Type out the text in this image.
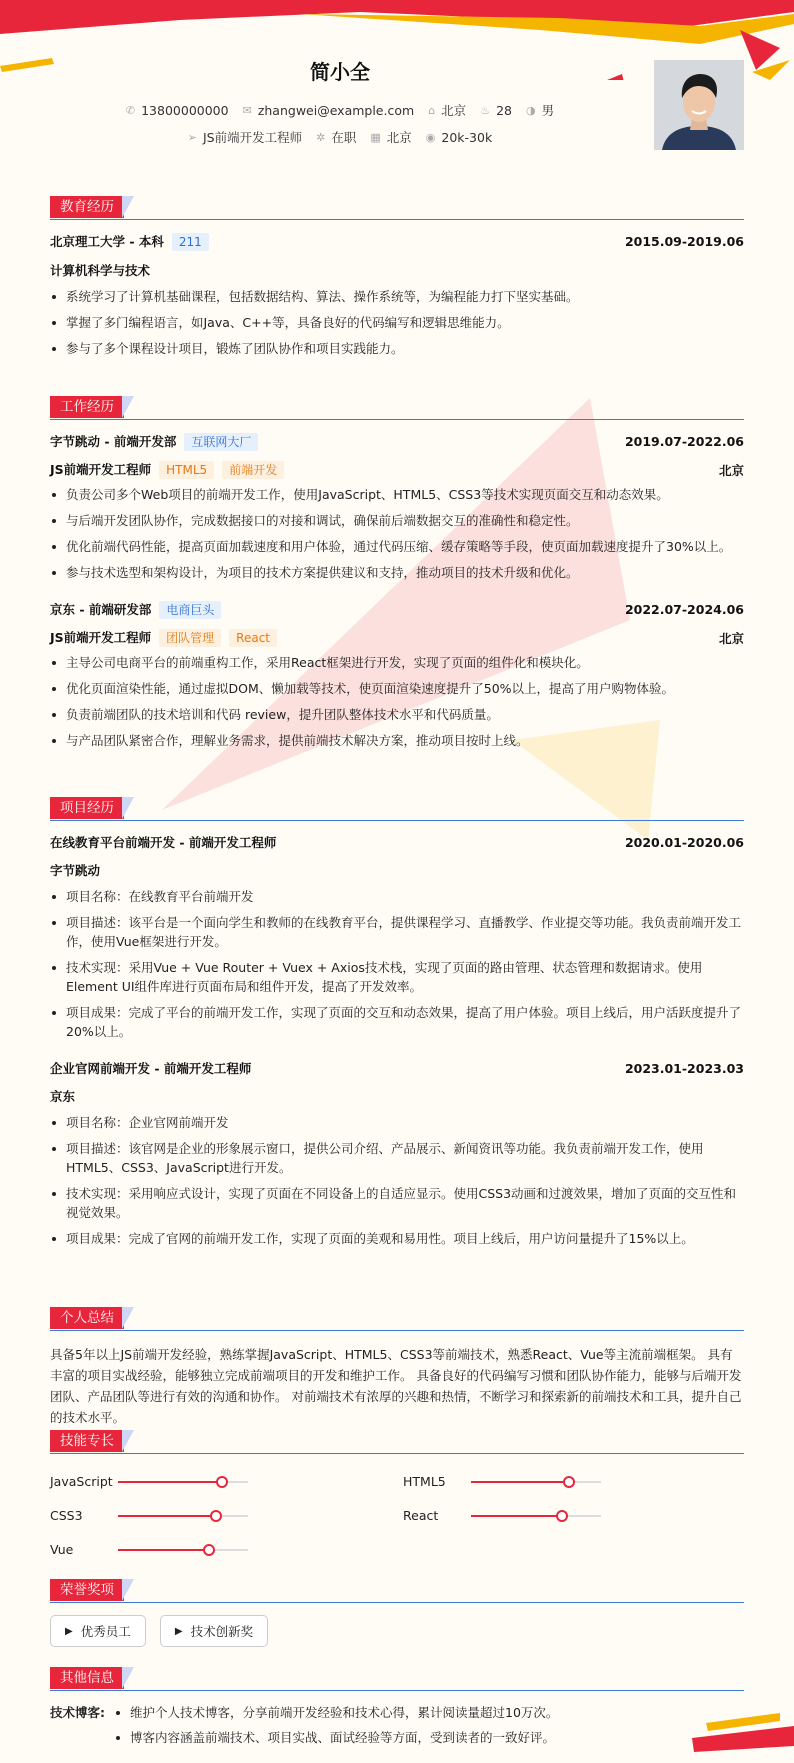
简小全
✆ 13800000000 ✉ zhangwei@example.com ⌂ 北京 ♨ 28 ◑ 男
➢ JS前端开发工程师 ✲ 在职 ▦ 北京 ◉ 20k-30k
教育经历
北京理工大学 - 本科 211	2015.09-2019.06
计算机科学与技术
系统学习了计算机基础课程，包括数据结构、算法、操作系统等，为编程能力打下坚实基础。
掌握了多门编程语言，如Java、C++等，具备良好的代码编写和逻辑思维能力。
参与了多个课程设计项目，锻炼了团队协作和项目实践能力。
工作经历
字节跳动 - 前端开发部 互联网大厂	2019.07-2022.06
JS前端开发工程师 HTML5 前端开发	北京
负责公司多个Web项目的前端开发工作，使用JavaScript、HTML5、CSS3等技术实现页面交互和动态效果。
与后端开发团队协作，完成数据接口的对接和调试，确保前后端数据交互的准确性和稳定性。
优化前端代码性能，提高页面加载速度和用户体验，通过代码压缩、缓存策略等手段，使页面加载速度提升了30%以上。
参与技术选型和架构设计，为项目的技术方案提供建议和支持，推动项目的技术升级和优化。
京东 - 前端研发部 电商巨头	2022.07-2024.06
JS前端开发工程师 团队管理 React	北京
主导公司电商平台的前端重构工作，采用React框架进行开发，实现了页面的组件化和模块化。
优化页面渲染性能，通过虚拟DOM、懒加载等技术，使页面渲染速度提升了50%以上，提高了用户购物体验。
负责前端团队的技术培训和代码 review，提升团队整体技术水平和代码质量。
与产品团队紧密合作，理解业务需求，提供前端技术解决方案，推动项目按时上线。
项目经历
在线教育平台前端开发 - 前端开发工程师	2020.01-2020.06
字节跳动
项目名称：在线教育平台前端开发
项目描述：该平台是一个面向学生和教师的在线教育平台，提供课程学习、直播教学、作业提交等功能。我负责前端开发工作，使用Vue框架进行开发。
技术实现：采用Vue + Vue Router + Vuex + Axios技术栈，实现了页面的路由管理、状态管理和数据请求。使用Element UI组件库进行页面布局和组件开发，提高了开发效率。
项目成果：完成了平台的前端开发工作，实现了页面的交互和动态效果，提高了用户体验。项目上线后，用户活跃度提升了20%以上。
企业官网前端开发 - 前端开发工程师	2023.01-2023.03
京东
项目名称：企业官网前端开发
项目描述：该官网是企业的形象展示窗口，提供公司介绍、产品展示、新闻资讯等功能。我负责前端开发工作，使用HTML5、CSS3、JavaScript进行开发。
技术实现：采用响应式设计，实现了页面在不同设备上的自适应显示。使用CSS3动画和过渡效果，增加了页面的交互性和视觉效果。
项目成果：完成了官网的前端开发工作，实现了页面的美观和易用性。项目上线后，用户访问量提升了15%以上。
个人总结

具备5年以上JS前端开发经验，熟练掌握JavaScript、HTML5、CSS3等前端技术，熟悉React、Vue等主流前端框架。 具有丰富的项目实战经验，能够独立完成前端项目的开发和维护工作。 具备良好的代码编写习惯和团队协作能力，能够与后端开发团队、产品团队等进行有效的沟通和协作。 对前端技术有浓厚的兴趣和热情，不断学习和探索新的前端技术和工具，提升自己的技术水平。

技能专长
JavaScript	HTML5
CSS3	React
Vue
荣誉奖项
▶ 优秀员工
	▶ 技术创新奖
其他信息
技术博客:	维护个人技术博客，分享前端开发经验和技术心得，累计阅读量超过10万次。
博客内容涵盖前端技术、项目实战、面试经验等方面，受到读者的一致好评。
